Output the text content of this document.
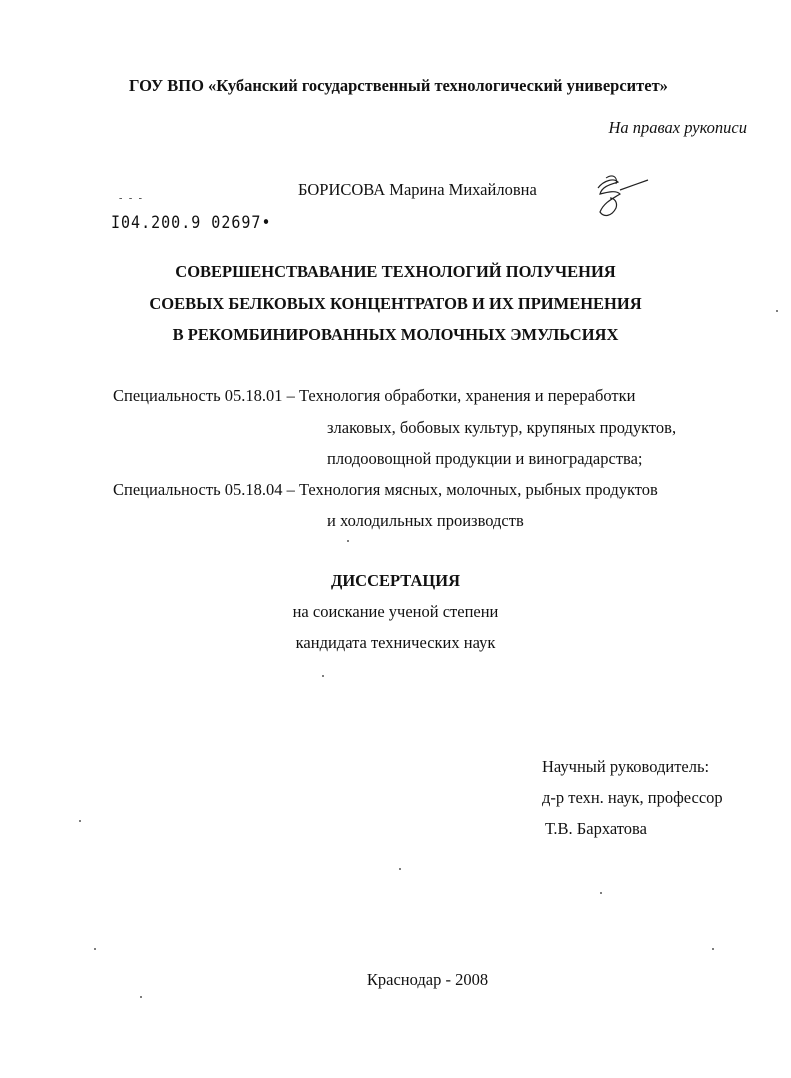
ГОУ ВПО «Кубанский государственный технологический университет»
На правах рукописи
БОРИСОВА Марина Михайловна
- - -
I04.200.9 02697•
СОВЕРШЕНСТВАВАНИЕ ТЕХНОЛОГИЙ ПОЛУЧЕНИЯ
СОЕВЫХ БЕЛКОВЫХ КОНЦЕНТРАТОВ И ИХ ПРИМЕНЕНИЯ
В РЕКОМБИНИРОВАННЫХ МОЛОЧНЫХ ЭМУЛЬСИЯХ
Специальность 05.18.01 – Технология обработки, хранения и переработки
злаковых, бобовых культур, крупяных продуктов,
плодоовощной продукции и виноградарства;
Специальность 05.18.04 – Технология мясных, молочных, рыбных продуктов
и холодильных производств
ДИССЕРТАЦИЯ
на соискание ученой степени
кандидата технических наук
Научный руководитель:
д-р техн. наук, профессор
Т.В. Бархатова
Краснодар - 2008
